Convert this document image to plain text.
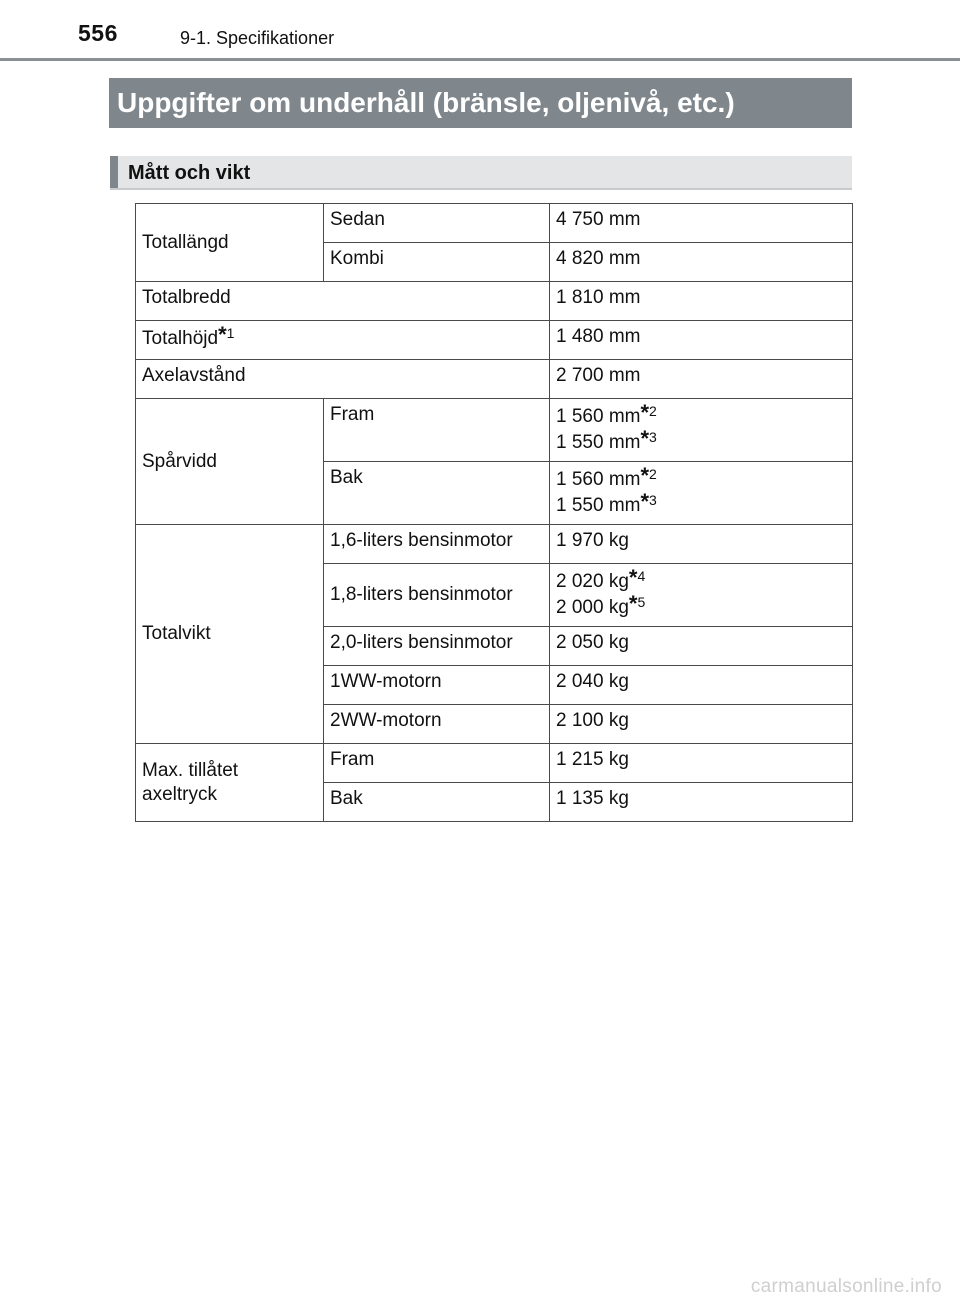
556	9-1. Specifikationer
Uppgifter om underhåll (bränsle, oljenivå, etc.)
Mått och vikt
Totallängd	Sedan	4 750 mm
	Kombi	4 820 mm
Totalbredd		1 810 mm
Totalhöjd*$^1$		1 480 mm
Axelavstånd		2 700 mm
Spårvidd	Fram	1 560 mm*$^2$
1 550 mm*$^3$
	Bak	1 560 mm*$^2$
1 550 mm*$^3$
Totalvikt	1,6-liters bensinmotor	1 970 kg
	1,8-liters bensinmotor	2 020 kg*$^4$
2 000 kg*$^5$
	2,0-liters bensinmotor	2 050 kg
	1WW-motorn	2 040 kg
	2WW-motorn	2 100 kg
Max. tillåtet
axeltryck	Fram	1 215 kg
	Bak	1 135 kg
carmanualsonline.info
